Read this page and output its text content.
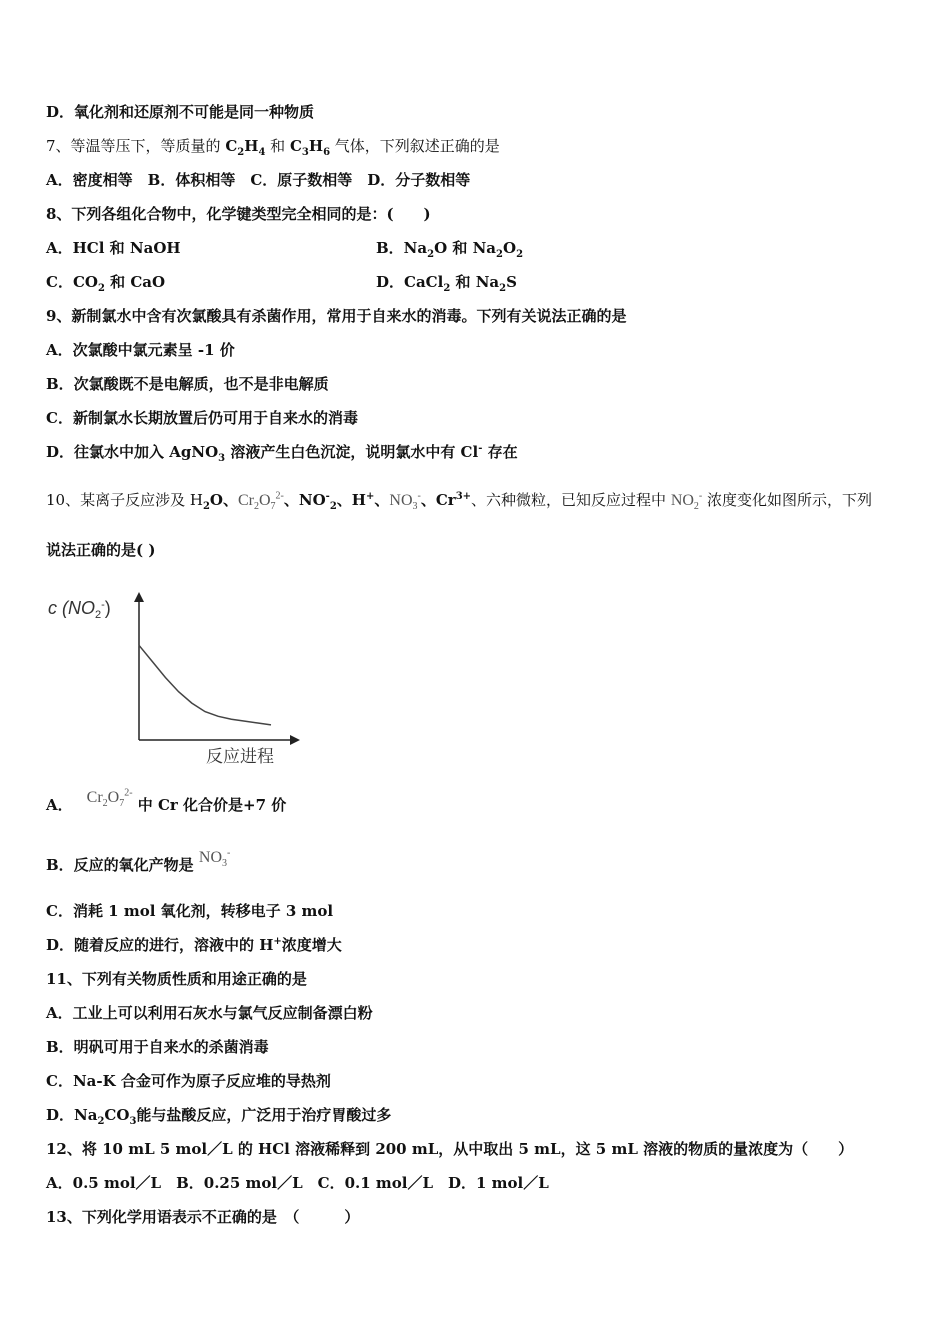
D．氧化剂和还原剂不可能是同一种物质
7、等温等压下，等质量的 $C_2H_4$ 和 $C_3H_6$ 气体，下列叙述正确的是
A．密度相等　B．体积相等　C．原子数相等　D．分子数相等
8、下列各组化合物中，化学键类型完全相同的是：(　　)
A．HCl 和 NaOH	B．$Na_2O$ 和 $Na_2O_2$
C．$CO_2$ 和 CaO	D．CaCl$_2$ 和 $Na_2S$
9、新制氯水中含有次氯酸具有杀菌作用，常用于自来水的消毒。下列有关说法正确的是
A．次氯酸中氯元素呈 -1 价
B．次氯酸既不是电解质，也不是非电解质
C．新制氯水长期放置后仍可用于自来水的消毒
D．往氯水中加入 AgNO$_3$ 溶液产生白色沉淀，说明氯水中有 Cl- 存在
10、某离子反应涉及 $H_2O$、$Cr_2O_7^{2-}$、$NO^-_2$、H+、$NO_3^-$、$Cr^{3+}$、六种微粒，已知反应过程中 $NO_2^-$ 浓度变化如图所示，下列
说法正确的是( )
c $(NO_2^-)$
反应进程
A． $Cr_2O_7^{2-}$ 中 Cr 化合价是+7 价
B．反应的氧化产物是 $NO_3^-$
C．消耗 1 mol 氧化剂，转移电子 3 mol
D．随着反应的进行，溶液中的 H+浓度增大
11、下列有关物质性质和用途正确的是
A．工业上可以利用石灰水与氯气反应制备漂白粉
B．明矾可用于自来水的杀菌消毒
C．Na-K 合金可作为原子反应堆的导热剂
D．$Na_2CO_3$能与盐酸反应，广泛用于治疗胃酸过多
12、将 10 mL 5 mol／L 的 HCl 溶液稀释到 200 mL，从中取出 5 mL，这 5 mL 溶液的物质的量浓度为（　　）
A．0.5 mol／L　B．0.25 mol／L　C．0.1 mol／L　D．1 mol／L
13、下列化学用语表示不正确的是　（　　　）
